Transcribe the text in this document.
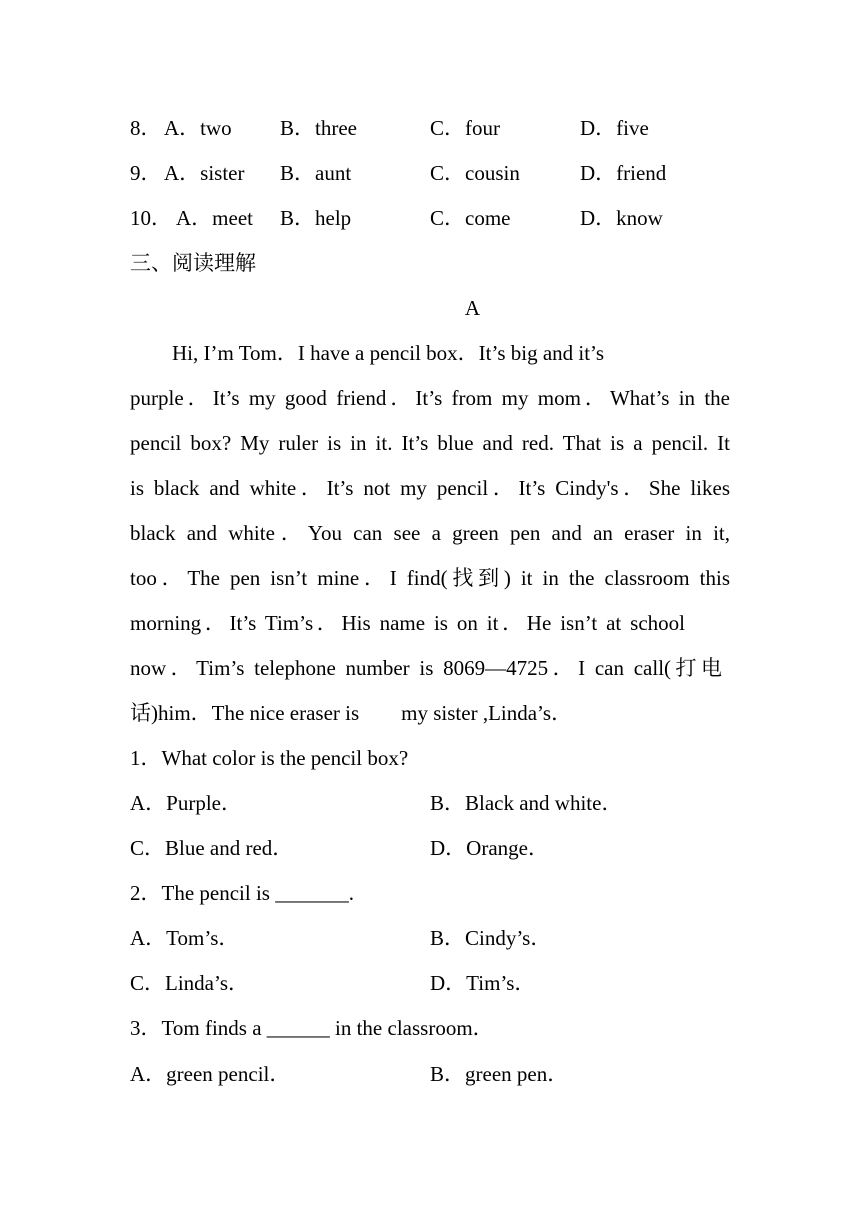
8． A．two B．three	C．four	D．five
9． A．sister B．aunt	C．cousin	D．friend
10． A．meet B．help	C．come	D．know
三、阅读理解
A
　　Hi, I’m Tom．I have a pencil box．It’s big and it’s
purple．It’s my good friend．It’s from my mom．What’s in the
pencil box? My ruler is in it. It’s blue and red. That is a pencil. It
is black and white．It’s not my pencil．It’s Cindy's．She likes
black and white．You can see a green pen and an eraser in it,
too．The pen isn’t mine．I find(找到) it in the classroom this
morning．It’s Tim’s．His name is on it．He isn’t at school
now．Tim’s telephone number is 8069—4725．I can call(打电
话)him．The nice eraser is        my sister ,Linda’s．
1．What color is the pencil box?
A．Purple．	B．Black and white．
C．Blue and red．	D．Orange．
2．The pencil is _______.
A．Tom’s．	B．Cindy’s．
C．Linda’s．	D．Tim’s．
3．Tom finds a ______ in the classroom．
A．green pencil．	B．green pen．
